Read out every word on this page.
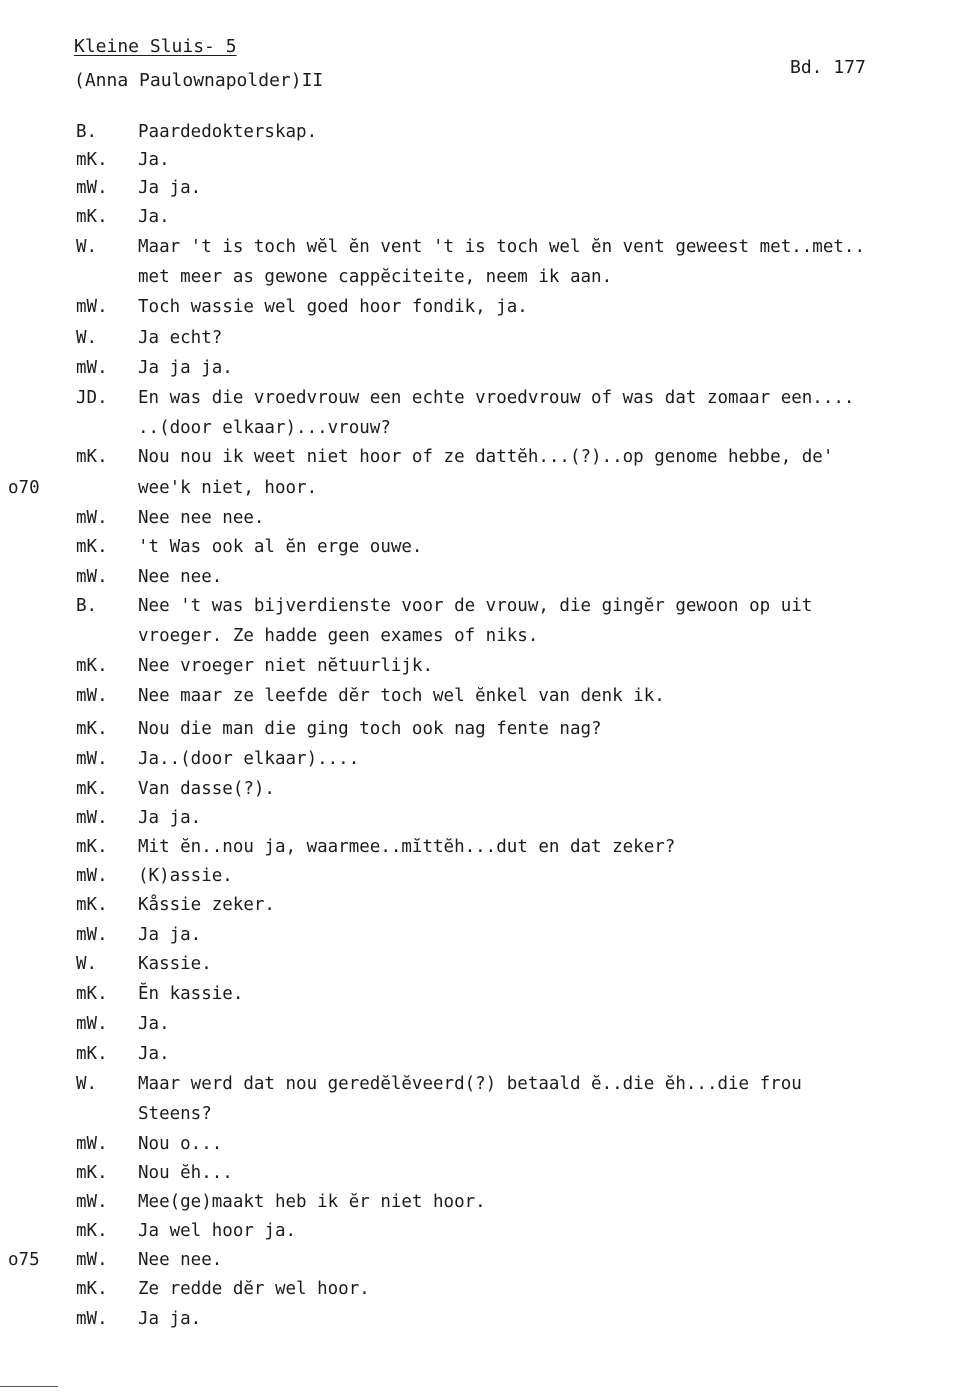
Kleine Sluis- 5
(Anna Paulownapolder)II
Bd. 177
B.	Paardedokterskap.
mK.	Ja.
mW.	Ja ja.
mK.	Ja.
W.	Maar 't is toch wĕl ĕn vent 't is toch wel ĕn vent geweest met..met..
met meer as gewone cappĕciteite, neem ik aan.
mW.	Toch wassie wel goed hoor fondik, ja.
W.	Ja echt?
mW.	Ja ja ja.
JD.	En was die vroedvrouw een echte vroedvrouw of was dat zomaar een....
..(door elkaar)...vrouw?
mK.	Nou nou ik weet niet hoor of ze dattĕh...(?)..op genome hebbe, de'
o70	wee'k niet, hoor.
mW.	Nee nee nee.
mK.	't Was ook al ĕn erge ouwe.
mW.	Nee nee.
B.	Nee 't was bijverdienste voor de vrouw, die gingĕr gewoon op uit
vroeger. Ze hadde geen exames of niks.
mK.	Nee vroeger niet nĕtuurlijk.
mW.	Nee maar ze leefde dĕr toch wel ĕnkel van denk ik.
mK.	Nou die man die ging toch ook nag fente nag?
mW.	Ja..(door elkaar)....
mK.	Van dasse(?).
mW.	Ja ja.
mK.	Mit ĕn..nou ja, waarmee..mĭttĕh...dut en dat zeker?
mW.	(K)assie.
mK.	Kåssie zeker.
mW.	Ja ja.
W.	Kassie.
mK.	Ĕn kassie.
mW.	Ja.
mK.	Ja.
W.	Maar werd dat nou geredĕlĕveerd(?) betaald ĕ..die ĕh...die frou
Steens?
mW.	Nou o...
mK.	Nou ĕh...
mW.	Mee(ge)maakt heb ik ĕr niet hoor.
mK.	Ja wel hoor ja.
o75	mW.	Nee nee.
mK.	Ze redde dĕr wel hoor.
mW.	Ja ja.
